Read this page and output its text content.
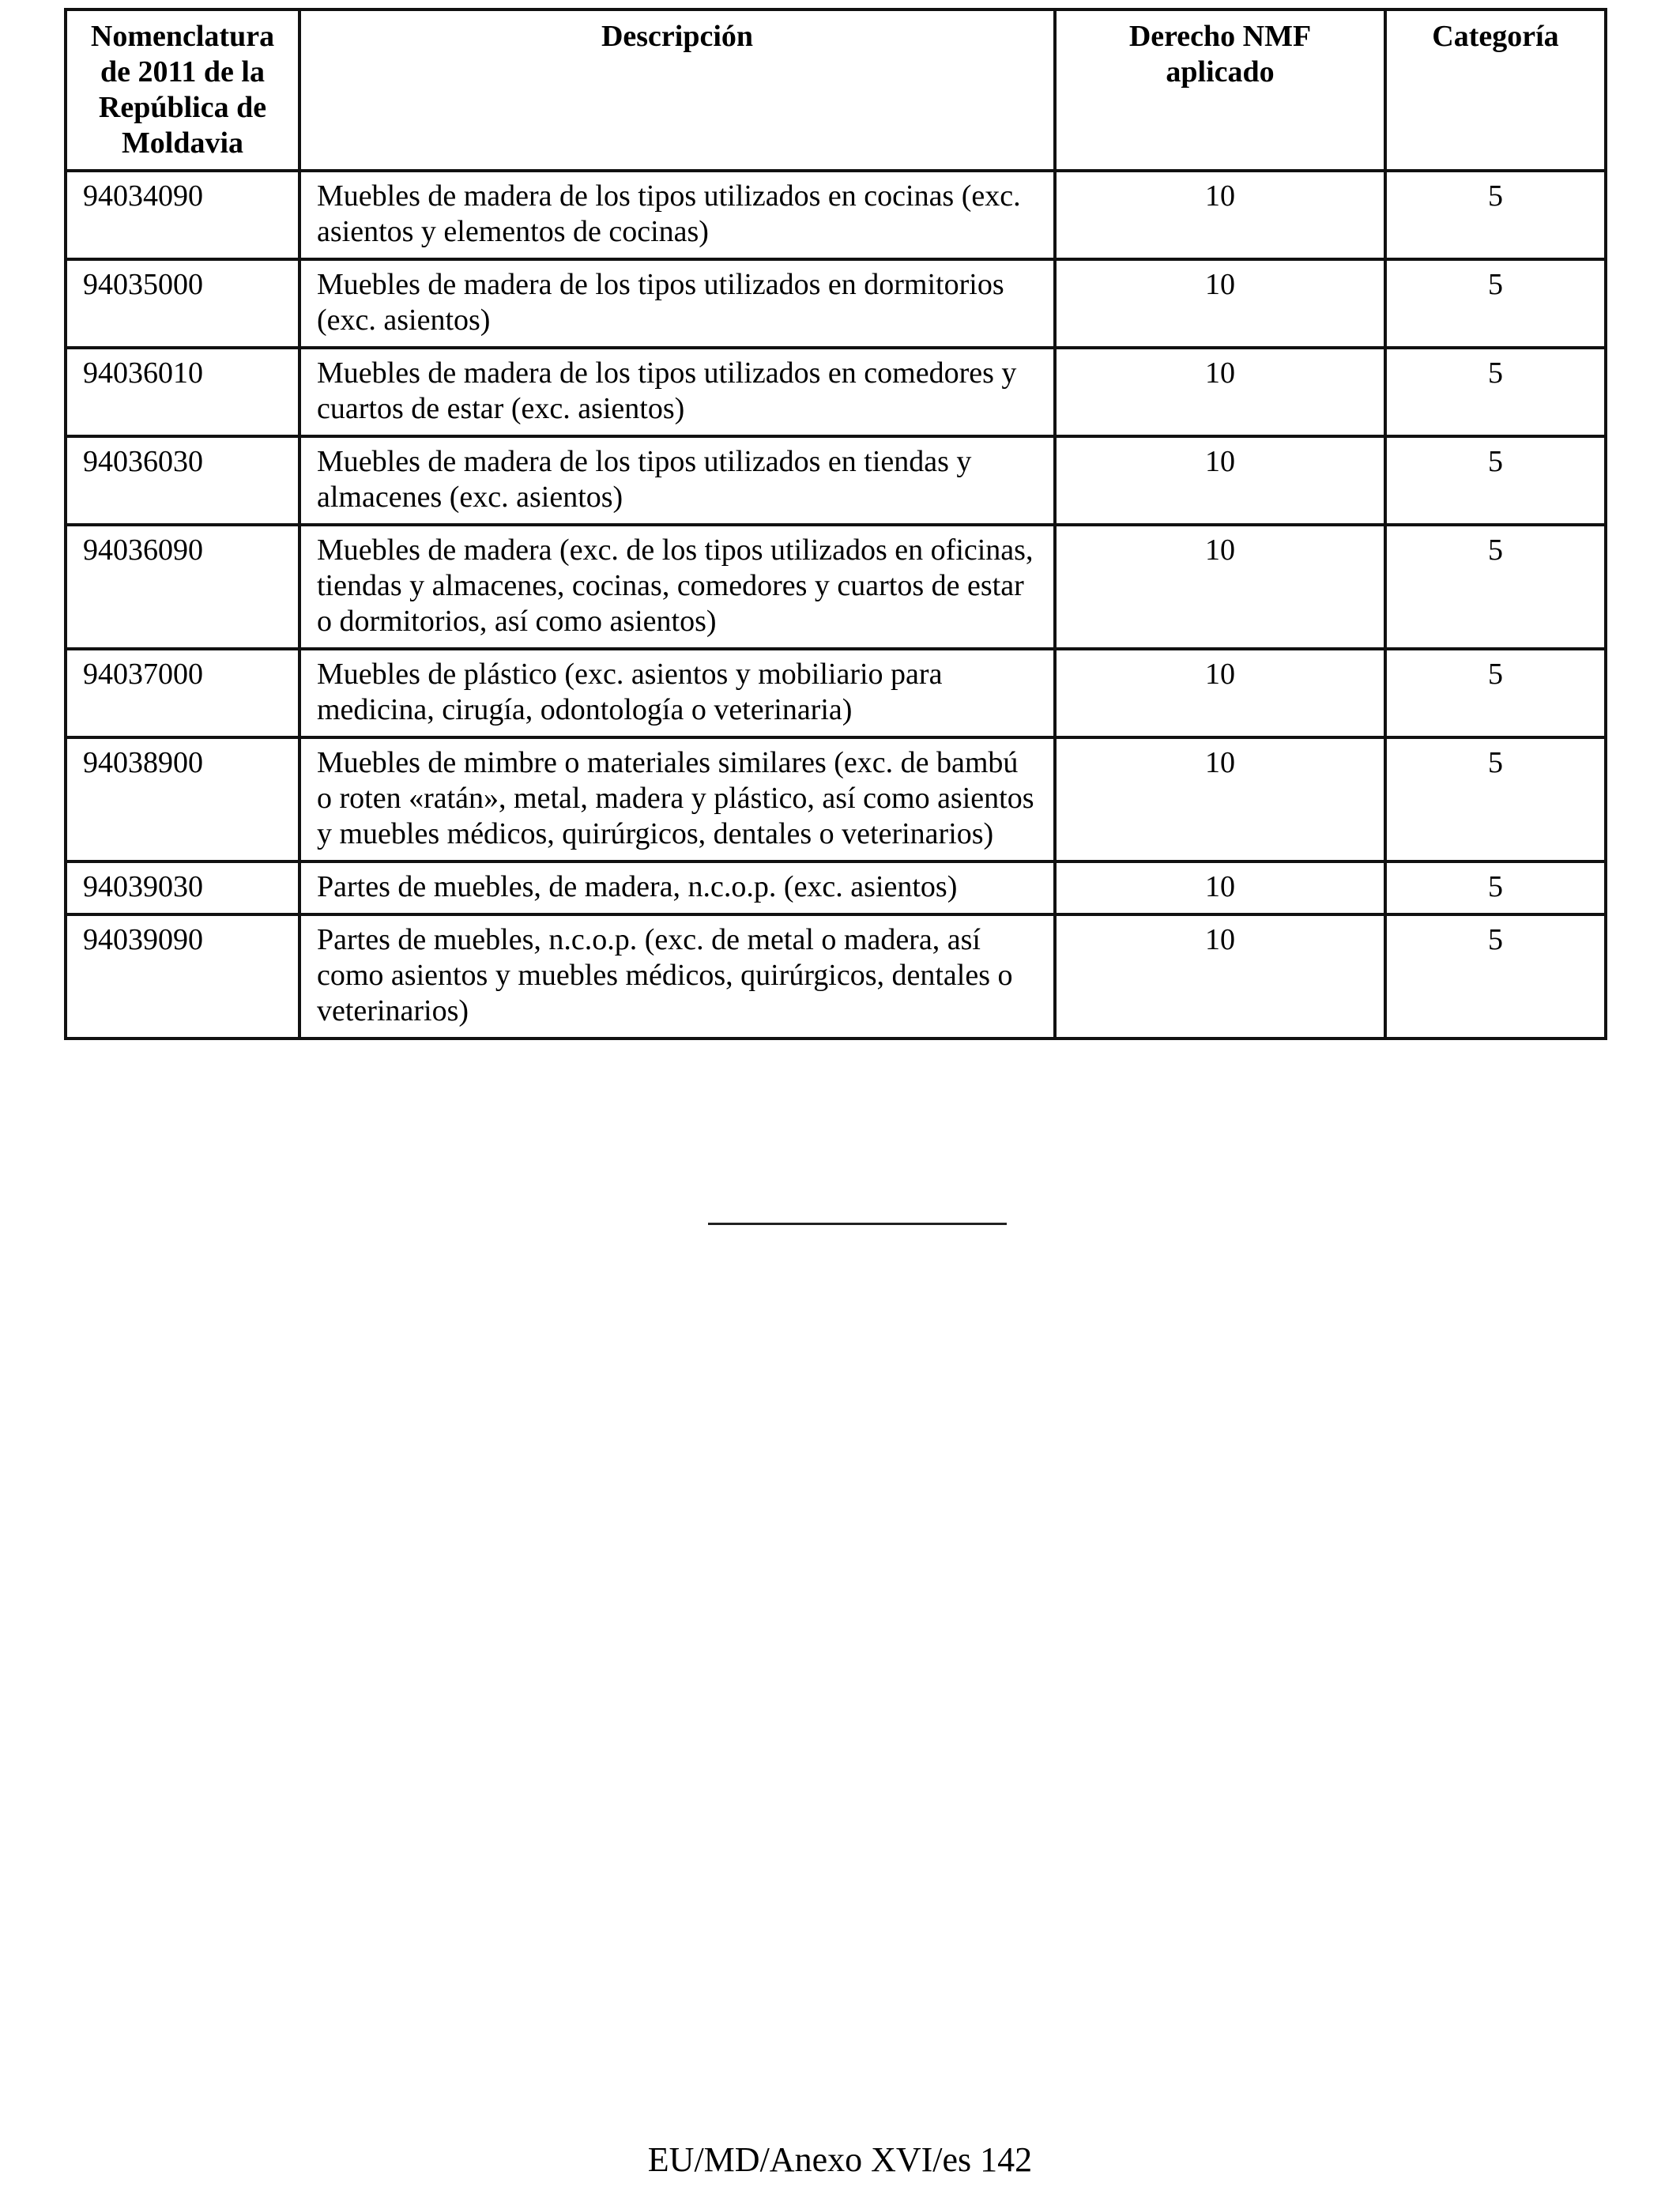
Nomenclatura de 2011 de la República de Moldavia	Descripción	Derecho NMF aplicado	Categoría
94034090	Muebles de madera de los tipos utilizados en cocinas (exc. asientos y elementos de cocinas)	10	5
94035000	Muebles de madera de los tipos utilizados en dormitorios (exc. asientos)	10	5
94036010	Muebles de madera de los tipos utilizados en comedores y cuartos de estar (exc. asientos)	10	5
94036030	Muebles de madera de los tipos utilizados en tiendas y almacenes (exc. asientos)	10	5
94036090	Muebles de madera (exc. de los tipos utilizados en oficinas, tiendas y almacenes, cocinas, comedores y cuartos de estar o dormitorios, así como asientos)	10	5
94037000	Muebles de plástico (exc. asientos y mobiliario para medicina, cirugía, odontología o veterinaria)	10	5
94038900	Muebles de mimbre o materiales similares (exc. de bambú o roten «ratán», metal, madera y plástico, así como asientos y muebles médicos, quirúrgicos, dentales o veterinarios)	10	5
94039030	Partes de muebles, de madera, n.c.o.p. (exc. asientos)	10	5
94039090	Partes de muebles, n.c.o.p. (exc. de metal o madera, así como asientos y muebles médicos, quirúrgicos, dentales o veterinarios)	10	5
EU/MD/Anexo XVI/es 142
